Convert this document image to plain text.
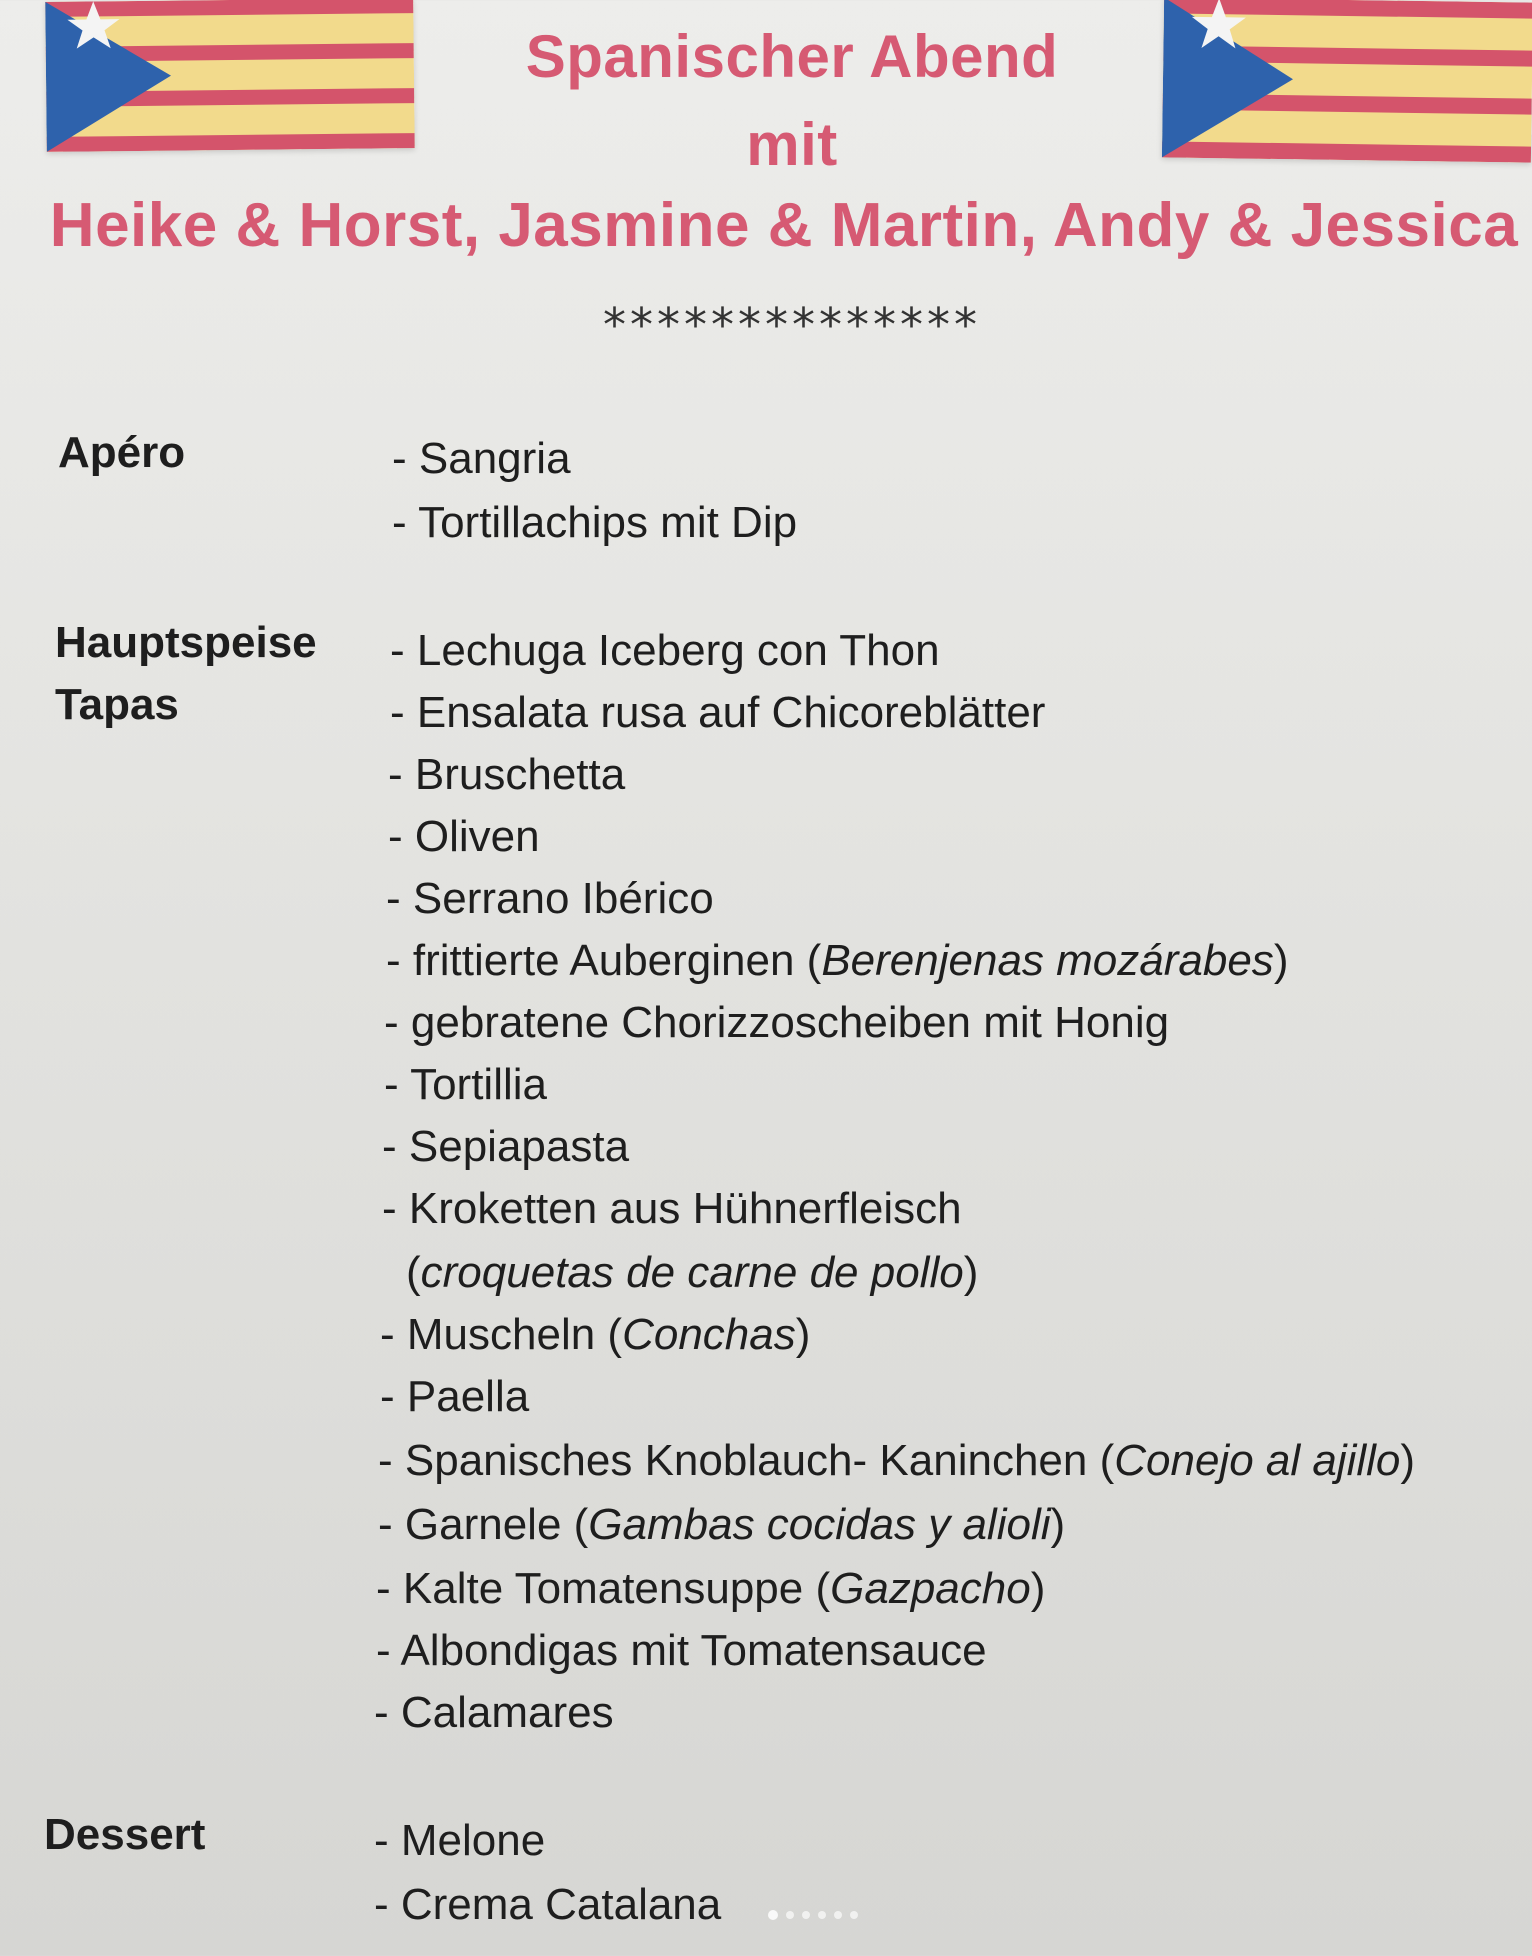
Spanischer Abend
mit
Heike & Horst, Jasmine & Martin, Andy & Jessica
**************
Apéro	- Sangria
- Tortillachips mit Dip
Hauptspeise
Tapas
- Lechuga Iceberg con Thon
- Ensalata rusa auf Chicoreblätter
- Bruschetta
- Oliven
- Serrano Ibérico
- frittierte Auberginen (Berenjenas mozárabes)
- gebratene Chorizzoscheiben mit Honig
- Tortillia
- Sepiapasta
- Kroketten aus Hühnerfleisch
(croquetas de carne de pollo)
- Muscheln (Conchas)
- Paella
- Spanisches Knoblauch- Kaninchen (Conejo al ajillo)
- Garnele (Gambas cocidas y alioli)
- Kalte Tomatensuppe (Gazpacho)
- Albondigas mit Tomatensauce
- Calamares
Dessert	- Melone
- Crema Catalana
